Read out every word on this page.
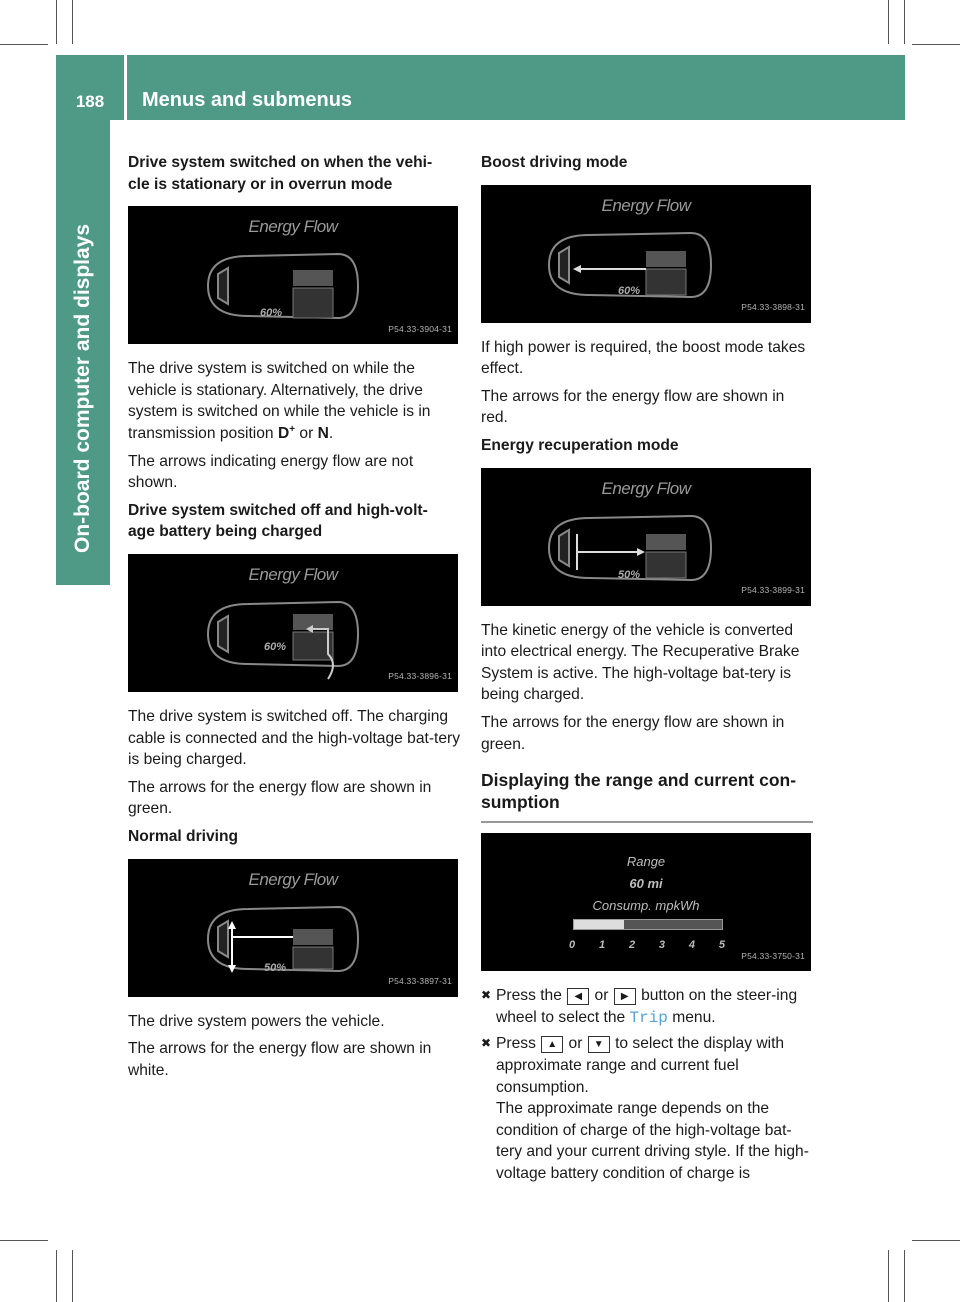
188	Menus and submenus
On-board computer and displays
Drive system switched on when the vehi-
cle is stationary or in overrun mode
Energy Flow
60%
P54.33-3904-31

The drive system is switched on while the vehicle is stationary. Alternatively, the drive system is switched on while the vehicle is in transmission position D+ or N.

The arrows indicating energy flow are not shown.

Drive system switched off and high-volt-
age battery being charged
Energy Flow
60%
P54.33-3896-31

The drive system is switched off. The charging cable is connected and the high-voltage bat-tery is being charged.

The arrows for the energy flow are shown in green.

Normal driving
Energy Flow
50%
P54.33-3897-31

The drive system powers the vehicle.

The arrows for the energy flow are shown in white.

Boost driving mode
Energy Flow
60%
P54.33-3898-31

If high power is required, the boost mode takes effect.

The arrows for the energy flow are shown in red.

Energy recuperation mode
Energy Flow
50%
P54.33-3899-31

The kinetic energy of the vehicle is converted into electrical energy. The Recuperative Brake System is active. The high-voltage bat-tery is being charged.

The arrows for the energy flow are shown in green.

Displaying the range and current con-
sumption
Range
60 mi
Consump. mpkWh
0 1 2 3 4 5
P54.33-3750-31
✖ Press the ◀ or ▶ button on the steer-ing wheel to select the Trip menu.
✖ Press ▲ or ▼ to select the display with approximate range and current fuel consumption.
The approximate range depends on the condition of charge of the high-voltage bat-tery and your current driving style. If the high-voltage battery condition of charge is
